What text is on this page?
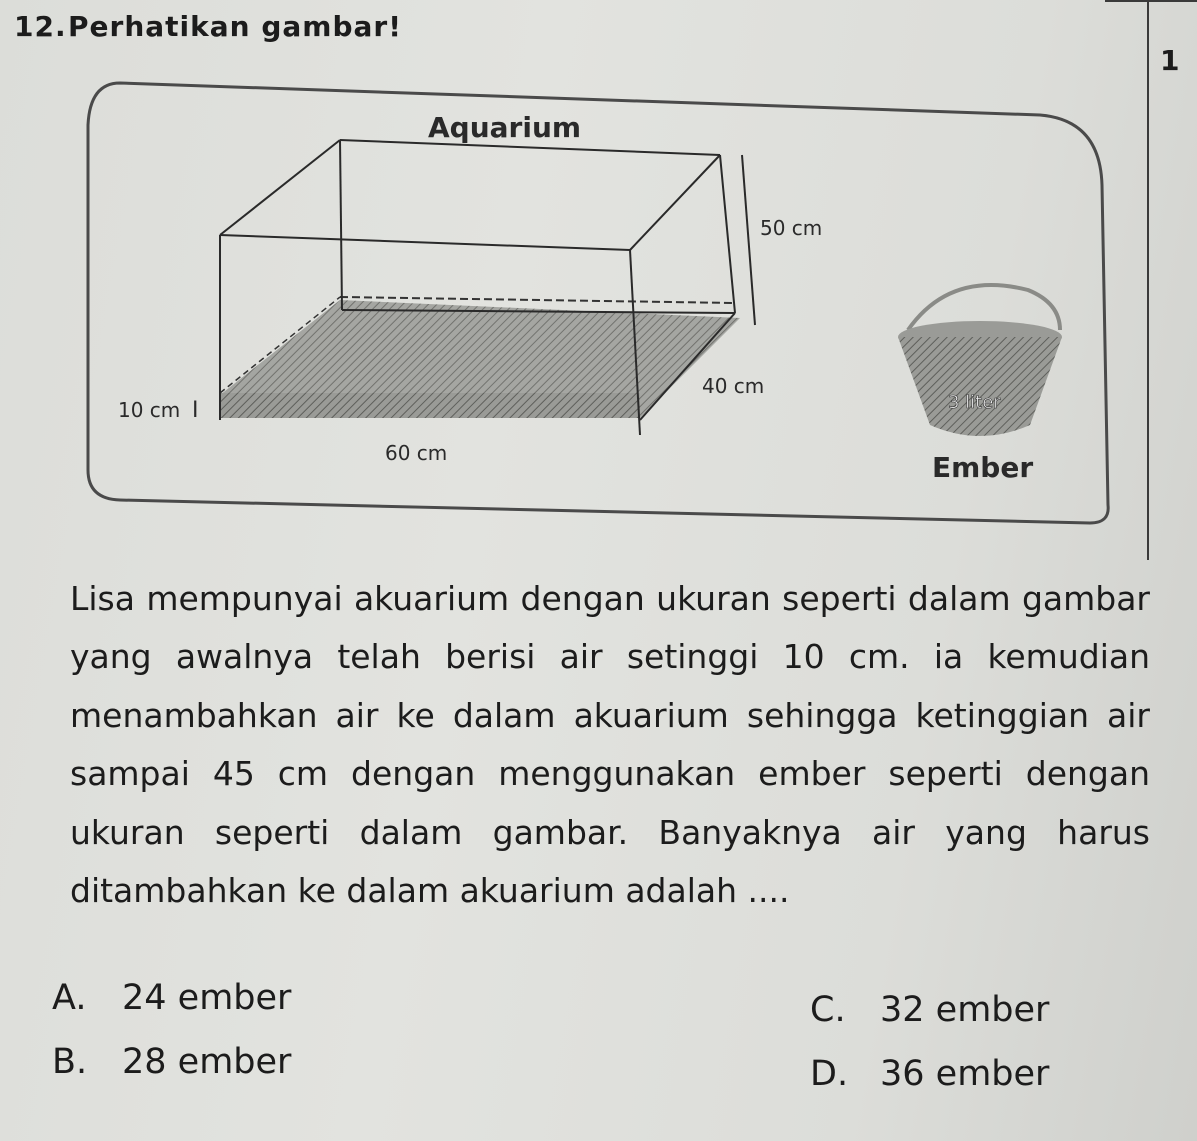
12. Perhatikan gambar!
1
Aquarium
50 cm
40 cm
10 cm I
60 cm
3 liter
Ember
Lisa mempunyai akuarium dengan ukuran seperti dalam gambar yang awalnya telah berisi air setinggi 10 cm. ia kemudian menambahkan air ke dalam akuarium sehingga ketinggian air sampai 45 cm dengan menggunakan ember seperti dengan ukuran seperti dalam gambar. Banyaknya air yang harus ditambahkan ke dalam akuarium adalah ....
A. 24 ember
B. 28 ember
C. 32 ember
D. 36 ember
